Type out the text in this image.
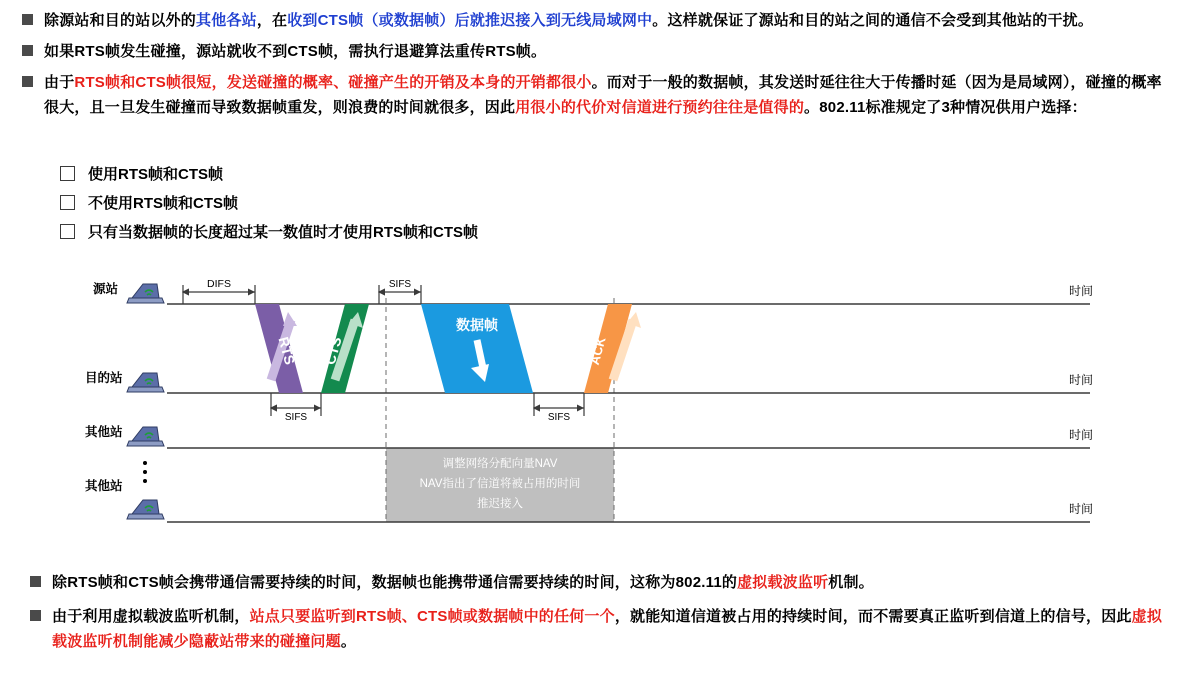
除源站和目的站以外的其他各站，在收到CTS帧（或数据帧）后就推迟接入到无线局域网中。这样就保证了源站和目的站之间的通信不会受到其他站的干扰。
如果RTS帧发生碰撞，源站就收不到CTS帧，需执行退避算法重传RTS帧。
由于RTS帧和CTS帧很短，发送碰撞的概率、碰撞产生的开销及本身的开销都很小。而对于一般的数据帧，其发送时延往往大于传播时延（因为是局域网），碰撞的概率很大，且一旦发生碰撞而导致数据帧重发，则浪费的时间就很多，因此用很小的代价对信道进行预约往往是值得的。802.11标准规定了3种情况供用户选择：
使用RTS帧和CTS帧
不使用RTS帧和CTS帧
只有当数据帧的长度超过某一数值时才使用RTS帧和CTS帧
调整网络分配向量NAV
NAV指出了信道将被占用的时间
推迟接入
源站	时间
DIFS	SIFS
目的站	时间
SIFS	SIFS
其他站	时间
其他站
时间
RTS CTS
数据帧
ACK
除RTS帧和CTS帧会携带通信需要持续的时间，数据帧也能携带通信需要持续的时间，这称为802.11的虚拟载波监听机制。
由于利用虚拟载波监听机制，站点只要监听到RTS帧、CTS帧或数据帧中的任何一个，就能知道信道被占用的持续时间，而不需要真正监听到信道上的信号，因此虚拟载波监听机制能减少隐蔽站带来的碰撞问题。
